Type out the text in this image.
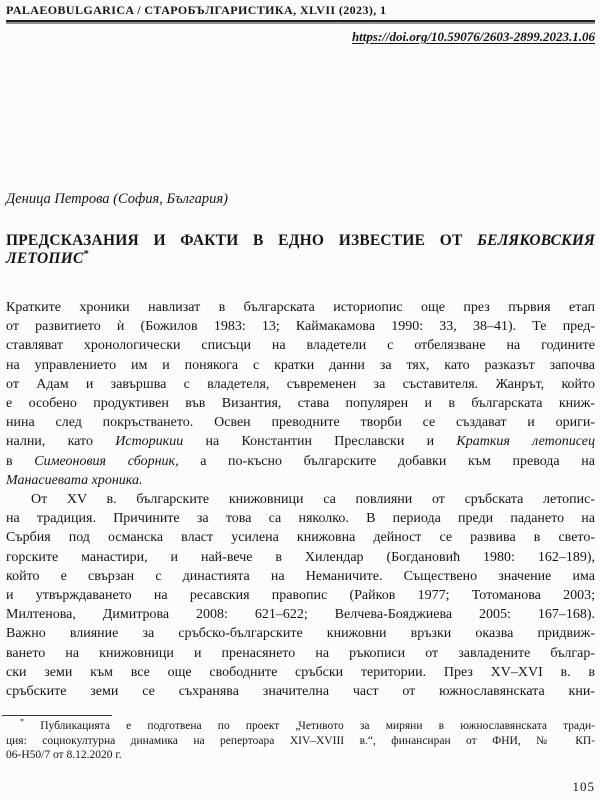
PALAEOBULGARICA / СТАРОБЪЛГАРИСТИКА, XLVII (2023), 1
https://doi.org/10.59076/2603-2899.2023.1.06
Деница Петрова (София, България)
ПРЕДСКАЗАНИЯ И ФАКТИ В ЕДНО ИЗВЕСТИЕ ОТ БЕЛЯКОВСКИЯ
ЛЕТОПИС*
Кратките хроники навлизат в българската историопис още през първия етап
от развитието ѝ (Божилов 1983: 13; Каймакамова 1990: 33, 38–41). Те пред-
ставляват хронологически списъци на владетели с отбелязване на годините
на управлението им и понякога с кратки данни за тях, като разказът започва
от Адам и завършва с владетеля, съвременен за съставителя. Жанрът, който
е особено продуктивен във Византия, става популярен и в българската книж-
нина след покръстването. Освен преводните творби се създават и ориги-
нални, като Историкии на Константин Преславски и Краткия летописец
в Симеоновия сборник, а по-късно българските добавки към превода на
Манасиевата хроника.
От XV в. българските книжовници са повлияни от сръбската летопис-
на традиция. Причините за това са няколко. В периода преди падането на
Сърбия под османска власт усилена книжовна дейност се развива в свето-
горските манастири, и най-вече в Хилендар (Богдановиħ 1980: 162–189),
който е свързан с династията на Неманичите. Съществено значение има
и утвърждаването на ресавския правопис (Райков 1977; Тотоманова 2003;
Милтенова, Димитрова 2008: 621–622; Велчева-Бояджиева 2005: 167–168).
Важно влияние за сръбско-българските книжовни връзки оказва придвиж-
ването на книжовници и пренасянето на ръкописи от завладените българ-
ски земи към все още свободните сръбски територии. През XV–XVI в. в
сръбските земи се съхранява значителна част от южнославянската кни-
* Публикацията е подготвена по проект „Четивото за миряни в южнославянската тради-
ция: социокултурна динамика на репертоара XIV–XVIII в.“, финансиран от ФНИ, № КП-
06-Н50/7 от 8.12.2020 г.
105
